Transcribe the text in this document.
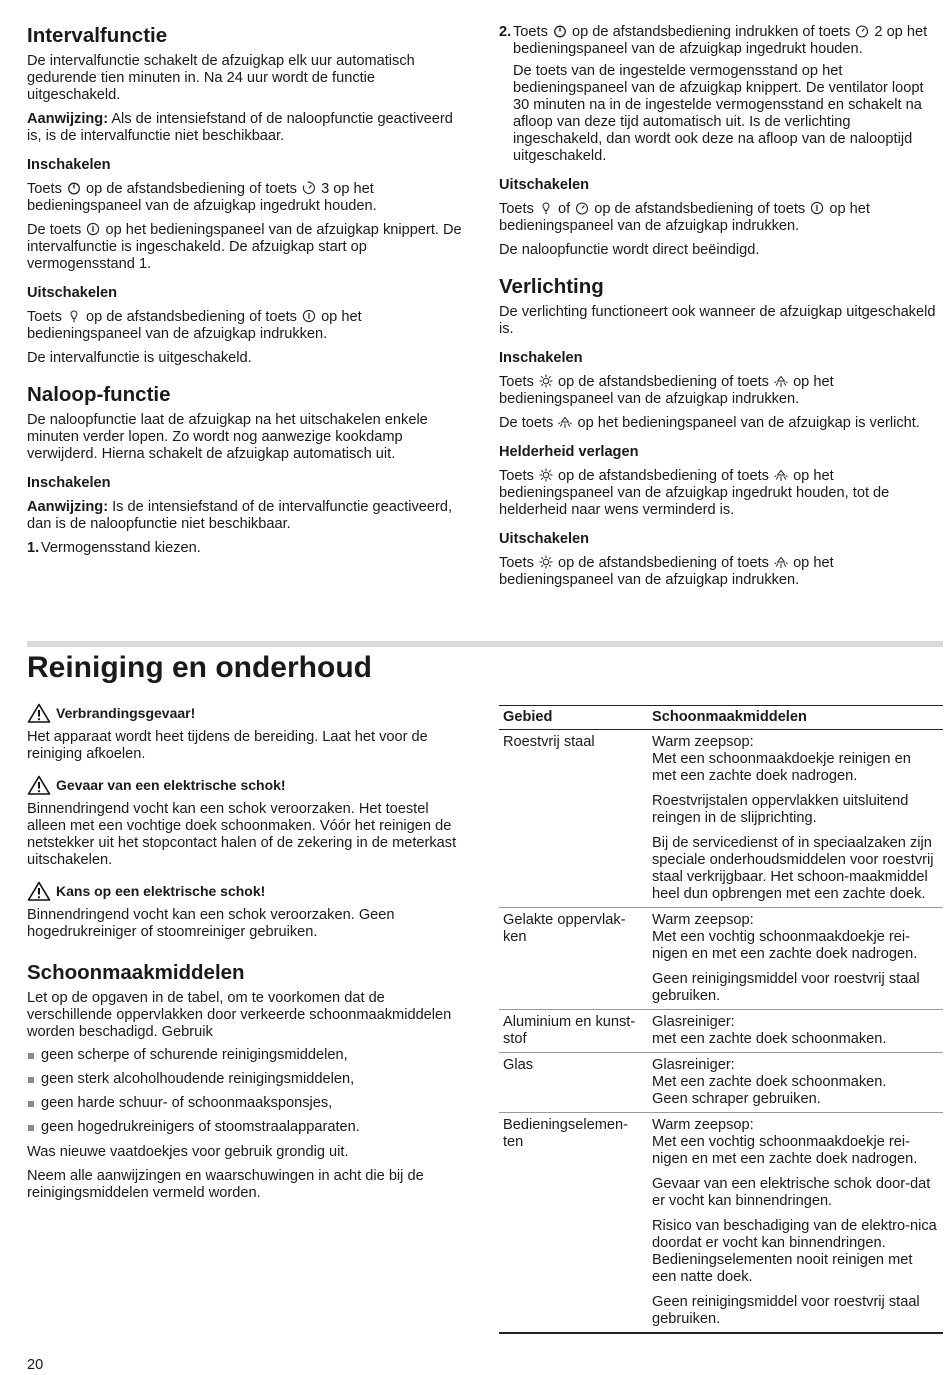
Intervalfunctie

De intervalfunctie schakelt de afzuigkap elk uur automatisch gedurende tien minuten in. Na 24 uur wordt de functie uitgeschakeld.

Aanwijzing: Als de intensiefstand of de naloopfunctie geactiveerd is, is de intervalfunctie niet beschikbaar.

Inschakelen

Toets
op de afstandsbediening of toets
3 op het bedieningspaneel van de afzuigkap ingedrukt houden.

De toets
op het bedieningspaneel van de afzuigkap knippert. De intervalfunctie is ingeschakeld. De afzuigkap start op vermogensstand 1.

Uitschakelen

Toets
op de afstandsbediening of toets
op het bedieningspaneel van de afzuigkap indrukken.

De intervalfunctie is uitgeschakeld.

Naloop-functie

De naloopfunctie laat de afzuigkap na het uitschakelen enkele minuten verder lopen. Zo wordt nog aanwezige kookdamp verwijderd. Hierna schakelt de afzuigkap automatisch uit.

Inschakelen

Aanwijzing: Is de intensiefstand of de intervalfunctie geactiveerd, dan is de naloopfunctie niet beschikbaar.

1. Vermogensstand kiezen.

2. Toets
op de afstandsbediening indrukken of toets
2 op het bedieningspaneel van de afzuigkap ingedrukt houden.

De toets van de ingestelde vermogensstand op het bedieningspaneel van de afzuigkap knippert. De ventilator loopt 30 minuten na in de ingestelde vermogensstand en schakelt na afloop van deze tijd automatisch uit. Is de verlichting ingeschakeld, dan wordt ook deze na afloop van de nalooptijd uitgeschakeld.

Uitschakelen

Toets
of
op de afstandsbediening of toets
op het bedieningspaneel van de afzuigkap indrukken.

De naloopfunctie wordt direct beëindigd.

Verlichting

De verlichting functioneert ook wanneer de afzuigkap uitgeschakeld is.

Inschakelen

Toets
op de afstandsbediening of toets
op het bedieningspaneel van de afzuigkap indrukken.

De toets
op het bedieningspaneel van de afzuigkap is verlicht.

Helderheid verlagen

Toets
op de afstandsbediening of toets
op het bedieningspaneel van de afzuigkap ingedrukt houden, tot de helderheid naar wens verminderd is.

Uitschakelen

Toets
op de afstandsbediening of toets
op het bedieningspaneel van de afzuigkap indrukken.

Reiniging en onderhoud
Verbrandingsgevaar!

Het apparaat wordt heet tijdens de bereiding. Laat het voor de reiniging afkoelen.

Gevaar van een elektrische schok!

Binnendringend vocht kan een schok veroorzaken. Het toestel alleen met een vochtige doek schoonmaken. Vóór het reinigen de netstekker uit het stopcontact halen of de zekering in de meterkast uitschakelen.

Kans op een elektrische schok!

Binnendringend vocht kan een schok veroorzaken. Geen hogedrukreiniger of stoomreiniger gebruiken.

Schoonmaakmiddelen

Let op de opgaven in de tabel, om te voorkomen dat de verschillende oppervlakken door verkeerde schoonmaakmiddelen worden beschadigd. Gebruik

geen scherpe of schurende reinigingsmiddelen,
geen sterk alcoholhoudende reinigingsmiddelen,
geen harde schuur- of schoonmaaksponsjes,
geen hogedrukreinigers of stoomstraalapparaten.

Was nieuwe vaatdoekjes voor gebruik grondig uit.

Neem alle aanwijzingen en waarschuwingen in acht die bij de reinigingsmiddelen vermeld worden.

Gebied	Schoonmaakmiddelen
Roestvrij staal	Warm zeepsop:
Met een schoonmaakdoekje reinigen en met een zachte doek nadrogen.

Roestvrijstalen oppervlakken uitsluitend reingen in de slijprichting.

Bij de servicedienst of in speciaalzaken zijn speciale onderhoudsmiddelen voor roestvrij staal verkrijgbaar. Het schoon-maakmiddel heel dun opbrengen met een zachte doek.

Gelakte oppervlak-ken	Warm zeepsop:
Met een vochtig schoonmaakdoekje rei-nigen en met een zachte doek nadrogen.

Geen reinigingsmiddel voor roestvrij staal gebruiken.

Aluminium en kunst-stof	Glasreiniger:
met een zachte doek schoonmaken.

Glas	Glasreiniger:
Met een zachte doek schoonmaken.
Geen schraper gebruiken.

Bedieningselemen-ten	Warm zeepsop:
Met een vochtig schoonmaakdoekje rei-nigen en met een zachte doek nadrogen.

Gevaar van een elektrische schok door-dat er vocht kan binnendringen.

Risico van beschadiging van de elektro-nica doordat er vocht kan binnendringen. Bedieningselementen nooit reinigen met een natte doek.

Geen reinigingsmiddel voor roestvrij staal gebruiken.

20
